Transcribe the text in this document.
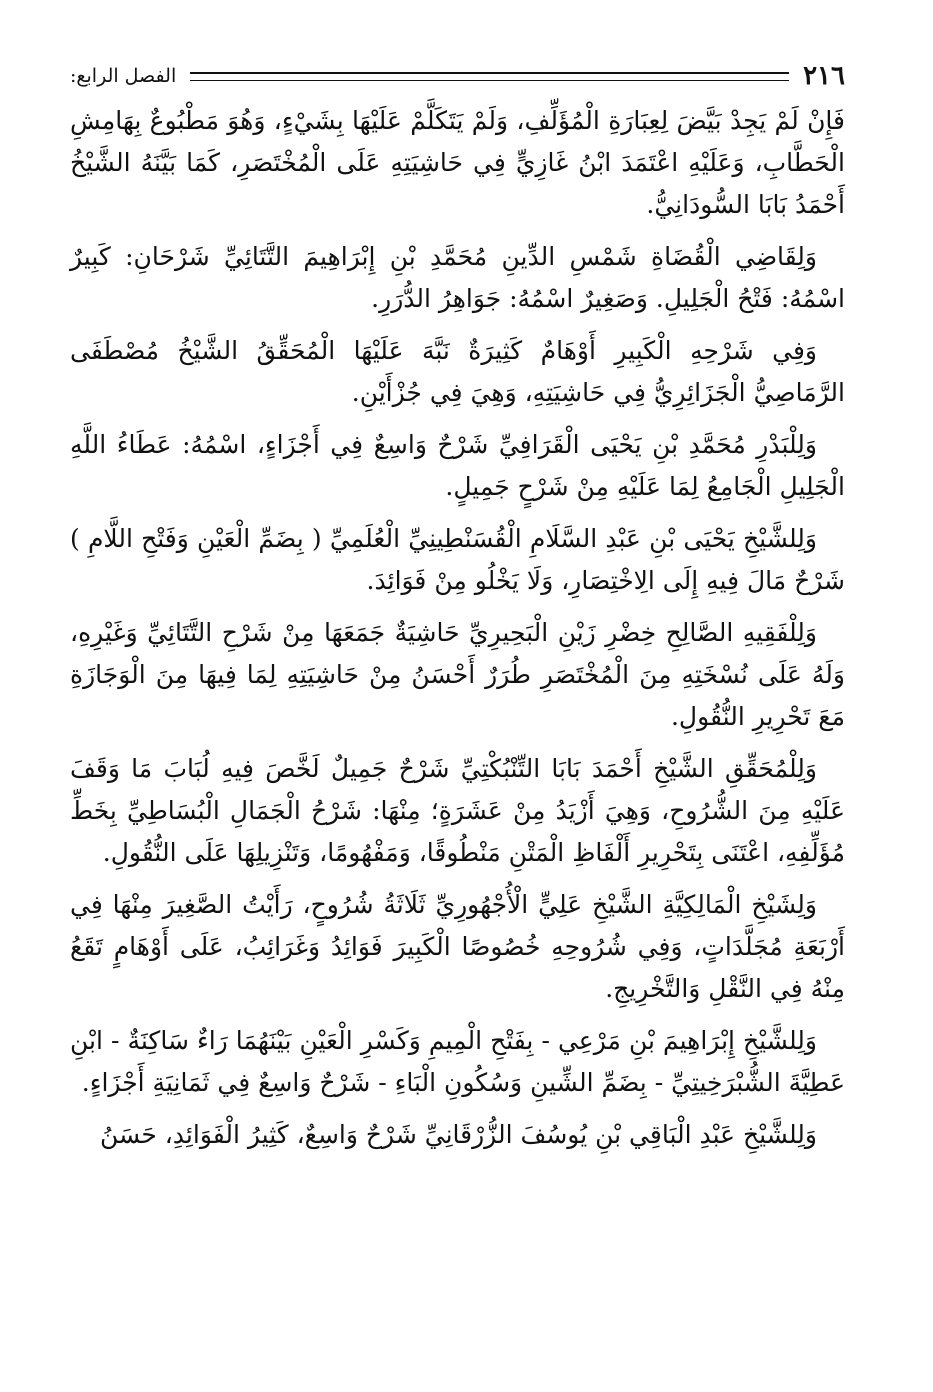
٢١٦
الفصل الرابع:

فَإِنْ لَمْ يَجِدْ بَيَّضَ لِعِبَارَةِ الْمُؤَلِّفِ، وَلَمْ يَتَكَلَّمْ عَلَيْهَا بِشَيْءٍ، وَهُوَ مَطْبُوعٌ بِهَامِشِ الْحَطَّابِ، وَعَلَيْهِ اعْتَمَدَ ابْنُ غَازِيٍّ فِي حَاشِيَتِهِ عَلَى الْمُخْتَصَرِ، كَمَا بَيَّنَهُ الشَّيْخُ أَحْمَدُ بَابَا السُّودَانِيُّ.

وَلِقَاضِي الْقُضَاةِ شَمْسِ الدِّينِ مُحَمَّدِ بْنِ إِبْرَاهِيمَ التَّتَائِيِّ شَرْحَانِ: كَبِيرٌ اسْمُهُ: فَتْحُ الْجَلِيلِ. وَصَغِيرٌ اسْمُهُ: جَوَاهِرُ الدُّرَرِ.

وَفِي شَرْحِهِ الْكَبِيرِ أَوْهَامٌ كَثِيرَةٌ نَبَّهَ عَلَيْهَا الْمُحَقِّقُ الشَّيْخُ مُصْطَفَى الرَّمَاصِيُّ الْجَزَائِرِيُّ فِي حَاشِيَتِهِ، وَهِيَ فِي جُزْأَيْنِ.

وَلِلْبَدْرِ مُحَمَّدِ بْنِ يَحْيَى الْقَرَافِيِّ شَرْحٌ وَاسِعٌ فِي أَجْزَاءٍ، اسْمُهُ: عَطَاءُ اللَّهِ الْجَلِيلِ الْجَامِعُ لِمَا عَلَيْهِ مِنْ شَرْحٍ جَمِيلٍ.

وَلِلشَّيْخِ يَحْيَى بْنِ عَبْدِ السَّلَامِ الْقُسَنْطِينِيِّ الْعُلَمِيِّ ( بِضَمِّ الْعَيْنِ وَفَتْحِ اللَّامِ ) شَرْحٌ مَالَ فِيهِ إِلَى الِاخْتِصَارِ، وَلَا يَخْلُو مِنْ فَوَائِدَ.

وَلِلْفَقِيهِ الصَّالِحِ خِضْرِ زَيْنِ الْبَحِيرِيِّ حَاشِيَةٌ جَمَعَهَا مِنْ شَرْحِ التَّتَائِيِّ وَغَيْرِهِ، وَلَهُ عَلَى نُسْخَتِهِ مِنَ الْمُخْتَصَرِ طُرَرٌ أَحْسَنُ مِنْ حَاشِيَتِهِ لِمَا فِيهَا مِنَ الْوَجَازَةِ مَعَ تَحْرِيرِ النُّقُولِ.

وَلِلْمُحَقِّقِ الشَّيْخِ أَحْمَدَ بَابَا التِّنْبُكْتِيِّ شَرْحٌ جَمِيلٌ لَخَّصَ فِيهِ لُبَابَ مَا وَقَفَ عَلَيْهِ مِنَ الشُّرُوحِ، وَهِيَ أَزْيَدُ مِنْ عَشَرَةٍ؛ مِنْهَا: شَرْحُ الْجَمَالِ الْبُسَاطِيِّ بِخَطِّ مُؤَلِّفِهِ، اعْتَنَى بِتَحْرِيرِ أَلْفَاظِ الْمَتْنِ مَنْطُوقًا، وَمَفْهُومًا، وَتَنْزِيلِهَا عَلَى النُّقُولِ.

وَلِشَيْخِ الْمَالِكِيَّةِ الشَّيْخِ عَلِيٍّ الْأُجْهُورِيِّ ثَلَاثَةُ شُرُوحٍ، رَأَيْتُ الصَّغِيرَ مِنْهَا فِي أَرْبَعَةِ مُجَلَّدَاتٍ، وَفِي شُرُوحِهِ خُصُوصًا الْكَبِيرَ فَوَائِدُ وَغَرَائِبُ، عَلَى أَوْهَامٍ تَقَعُ مِنْهُ فِي النَّقْلِ وَالتَّخْرِيجِ.

وَلِلشَّيْخِ إِبْرَاهِيمَ بْنِ مَرْعِي - بِفَتْحِ الْمِيمِ وَكَسْرِ الْعَيْنِ بَيْنَهُمَا رَاءٌ سَاكِنَةٌ - ابْنِ عَطِيَّةَ الشُّبْرَخِيتِيِّ - بِضَمِّ الشِّينِ وَسُكُونِ الْبَاءِ - شَرْحٌ وَاسِعٌ فِي ثَمَانِيَةِ أَجْزَاءٍ.

وَلِلشَّيْخِ عَبْدِ الْبَاقِي بْنِ يُوسُفَ الزُّرْقَانِيِّ شَرْحٌ وَاسِعٌ، كَثِيرُ الْفَوَائِدِ، حَسَنُ
